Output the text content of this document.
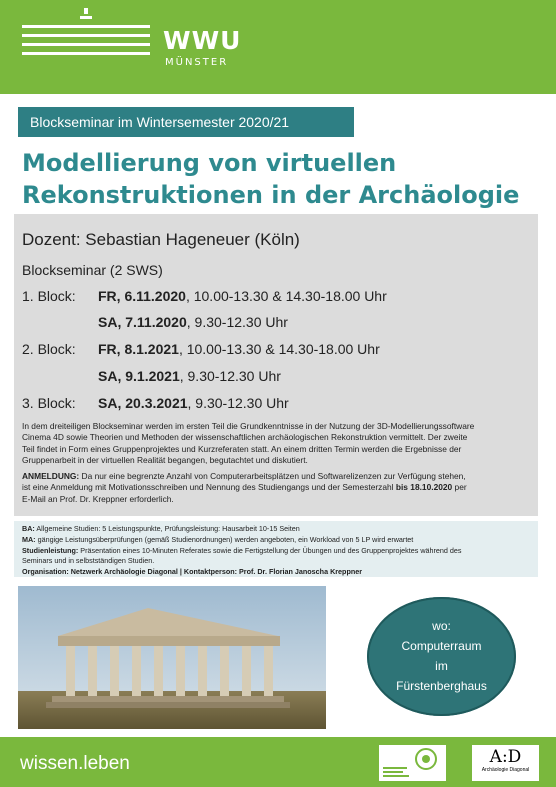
WWU
MÜNSTER
Blockseminar im Wintersemester 2020/21
Modellierung von virtuellen
Rekonstruktionen in der Archäologie
Dozent: Sebastian Hageneuer (Köln)
Blockseminar (2 SWS)
1. Block: FR, 6.11.2020, 10.00-13.30 & 14.30-18.00 Uhr
SA, 7.11.2020, 9.30-12.30 Uhr
2. Block: FR, 8.1.2021, 10.00-13.30 & 14.30-18.00 Uhr
SA, 9.1.2021, 9.30-12.30 Uhr
3. Block: SA, 20.3.2021, 9.30-12.30 Uhr
In dem dreiteiligen Blockseminar werden im ersten Teil die Grundkenntnisse in der Nutzung der 3D-Modellierungssoftware
Cinema 4D sowie Theorien und Methoden der wissenschaftlichen archäologischen Rekonstruktion vermittelt. Der zweite
Teil findet in Form eines Gruppenprojektes und Kurzreferaten statt. An einem dritten Termin werden die Ergebnisse der
Gruppenarbeit in der virtuellen Realität begangen, begutachtet und diskutiert.
ANMELDUNG: Da nur eine begrenzte Anzahl von Computerarbeitsplätzen und Softwarelizenzen zur Verfügung stehen,
ist eine Anmeldung mit Motivationsschreiben und Nennung des Studiengangs und der Semesterzahl bis 18.10.2020 per
E-Mail an Prof. Dr. Kreppner erforderlich.
BA: Allgemeine Studien: 5 Leistungspunkte, Prüfungsleistung: Hausarbeit 10-15 Seiten
MA: gängige Leistungsüberprüfungen (gemäß Studienordnungen) werden angeboten, ein Workload von 5 LP wird erwartet
Studienleistung: Präsentation eines 10-Minuten Referates sowie die Fertigstellung der Übungen und des Gruppenprojektes während des
Seminars und in selbstständigen Studien.
Organisation: Netzwerk Archäologie Diagonal | Kontaktperson: Prof. Dr. Florian Janoscha Kreppner
wo:
Computerraum
im
Fürstenberghaus
wissen.leben	A:D
Archäologie Diagonal
